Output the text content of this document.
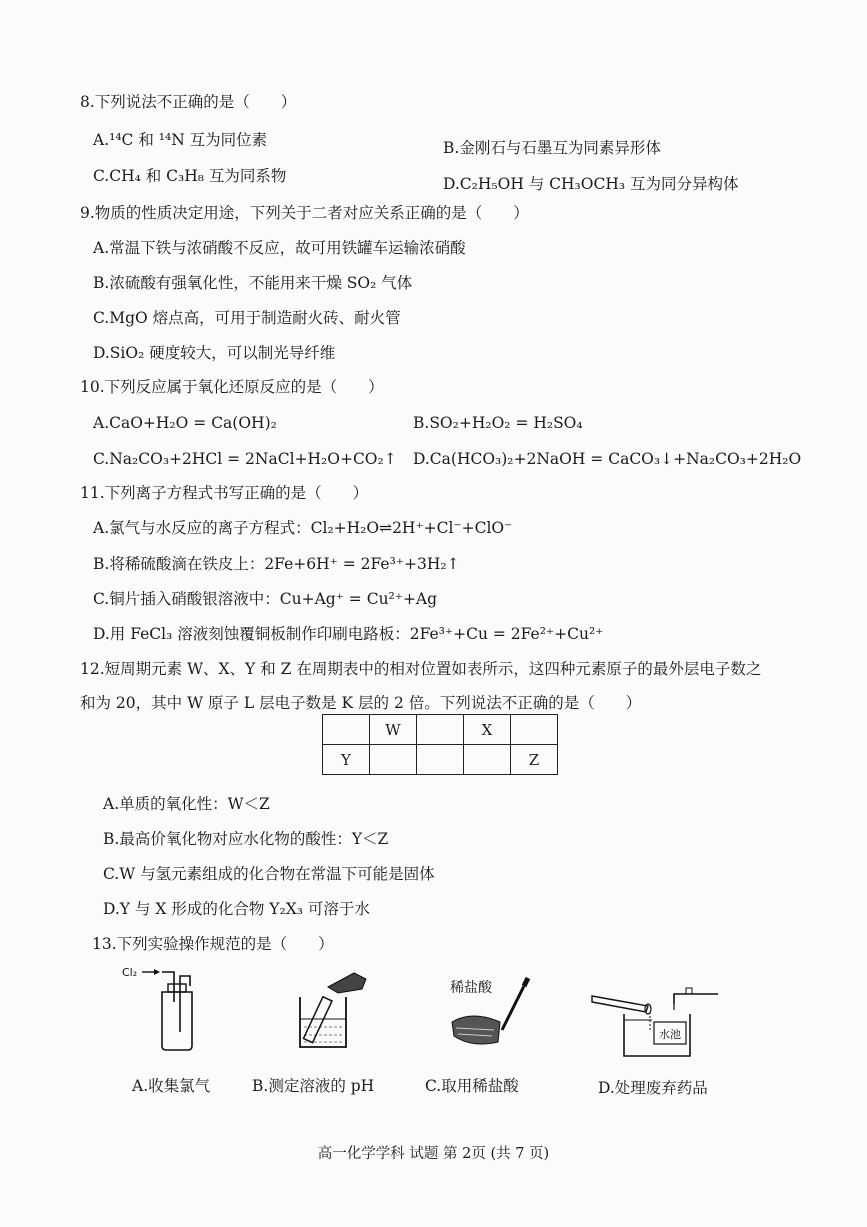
8.下列说法不正确的是（　　）
A.¹⁴C 和 ¹⁴N 互为同位素	B.金刚石与石墨互为同素异形体
C.CH₄ 和 C₃H₈ 互为同系物	D.C₂H₅OH 与 CH₃OCH₃ 互为同分异构体
9.物质的性质决定用途，下列关于二者对应关系正确的是（　　）
A.常温下铁与浓硝酸不反应，故可用铁罐车运输浓硝酸
B.浓硫酸有强氧化性，不能用来干燥 SO₂ 气体
C.MgO 熔点高，可用于制造耐火砖、耐火管
D.SiO₂ 硬度较大，可以制光导纤维
10.下列反应属于氧化还原反应的是（　　）
A.CaO+H₂O = Ca(OH)₂	B.SO₂+H₂O₂ = H₂SO₄
C.Na₂CO₃+2HCl = 2NaCl+H₂O+CO₂↑ D.Ca(HCO₃)₂+2NaOH = CaCO₃↓+Na₂CO₃+2H₂O
11.下列离子方程式书写正确的是（　　）
A.氯气与水反应的离子方程式：Cl₂+H₂O⇌2H⁺+Cl⁻+ClO⁻
B.将稀硫酸滴在铁皮上：2Fe+6H⁺ = 2Fe³⁺+3H₂↑
C.铜片插入硝酸银溶液中：Cu+Ag⁺ = Cu²⁺+Ag
D.用 FeCl₃ 溶液刻蚀覆铜板制作印刷电路板：2Fe³⁺+Cu = 2Fe²⁺+Cu²⁺
12.短周期元素 W、X、Y 和 Z 在周期表中的相对位置如表所示，这四种元素原子的最外层电子数之
和为 20，其中 W 原子 L 层电子数是 K 层的 2 倍。下列说法不正确的是（　　）
	W		X	
Y				Z
A.单质的氧化性：W＜Z
B.最高价氧化物对应水化物的酸性：Y＜Z
C.W 与氢元素组成的化合物在常温下可能是固体
D.Y 与 X 形成的化合物 Y₂X₃ 可溶于水
13.下列实验操作规范的是（　　）
Cl₂
稀盐酸
水池
A.收集氯气	B.测定溶液的 pH	C.取用稀盐酸	D.处理废弃药品
高一化学学科 试题 第 2页 (共 7 页)
